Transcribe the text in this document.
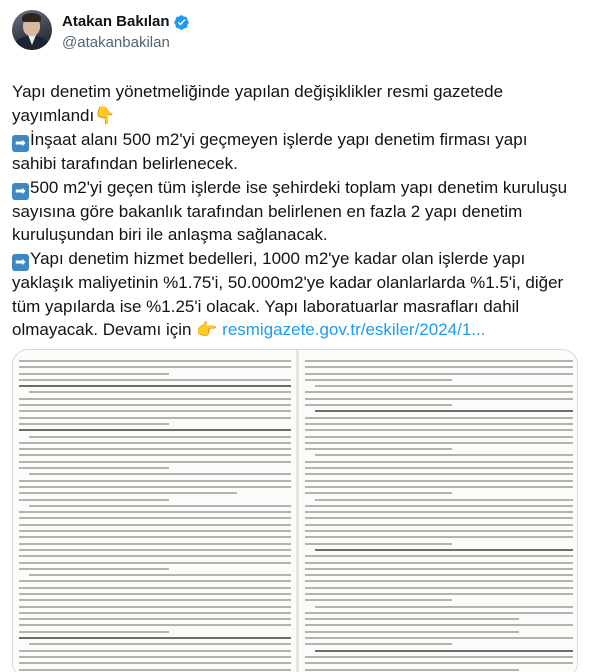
Atakan Bakılan
@atakanbakilan

Yapı denetim yönetmeliğinde yapılan değişiklikler resmi gazetede yayımlandı👇

➡ İnşaat alanı 500 m2'yi geçmeyen işlerde yapı denetim firması yapı sahibi tarafından belirlenecek.

➡ 500 m2'yi geçen tüm işlerde ise şehirdeki toplam yapı denetim kuruluşu sayısına göre bakanlık tarafından belirlenen en fazla 2 yapı denetim kuruluşundan biri ile anlaşma sağlanacak.

➡ Yapı denetim hizmet bedelleri, 1000 m2'ye kadar olan işlerde yapı yaklaşık maliyetinin %1.75'i, 50.000m2'ye kadar olanlarlarda %1.5'i, diğer tüm yapılarda ise %1.25'i olacak. Yapı laboratuarlar masrafları dahil olmayacak. Devamı için 👉 resmigazete.gov.tr/eskiler/2024/1...
